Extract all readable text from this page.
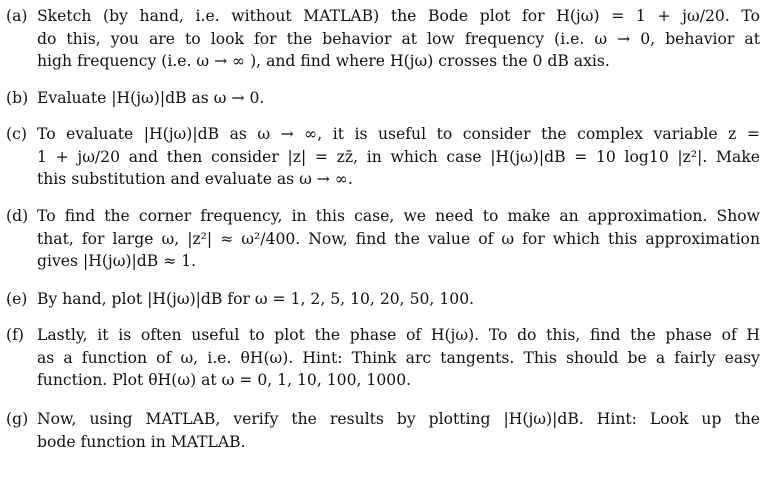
(a) Sketch (by hand, i.e. without MATLAB) the Bode plot for H(jω) = 1 + jω/20. To
do this, you are to look for the behavior at low frequency (i.e. ω → 0, behavior at
high frequency (i.e. ω → ∞ ), and find where H(jω) crosses the 0 dB axis.
(b) Evaluate |H(jω)|dB as ω → 0.
(c) To evaluate |H(jω)|dB as ω → ∞, it is useful to consider the complex variable z =
1 + jω/20 and then consider |z| = zz̄, in which case |H(jω)|dB = 10 log10 |z²|. Make
this substitution and evaluate as ω → ∞.
(d) To find the corner frequency, in this case, we need to make an approximation. Show
that, for large ω, |z²| ≈ ω²/400. Now, find the value of ω for which this approximation
gives |H(jω)|dB ≈ 1.
(e) By hand, plot |H(jω)|dB for ω = 1, 2, 5, 10, 20, 50, 100.
(f) Lastly, it is often useful to plot the phase of H(jω). To do this, find the phase of H
as a function of ω, i.e. θH(ω). Hint: Think arc tangents. This should be a fairly easy
function. Plot θH(ω) at ω = 0, 1, 10, 100, 1000.
(g) Now, using MATLAB, verify the results by plotting |H(jω)|dB. Hint: Look up the
bode function in MATLAB.
